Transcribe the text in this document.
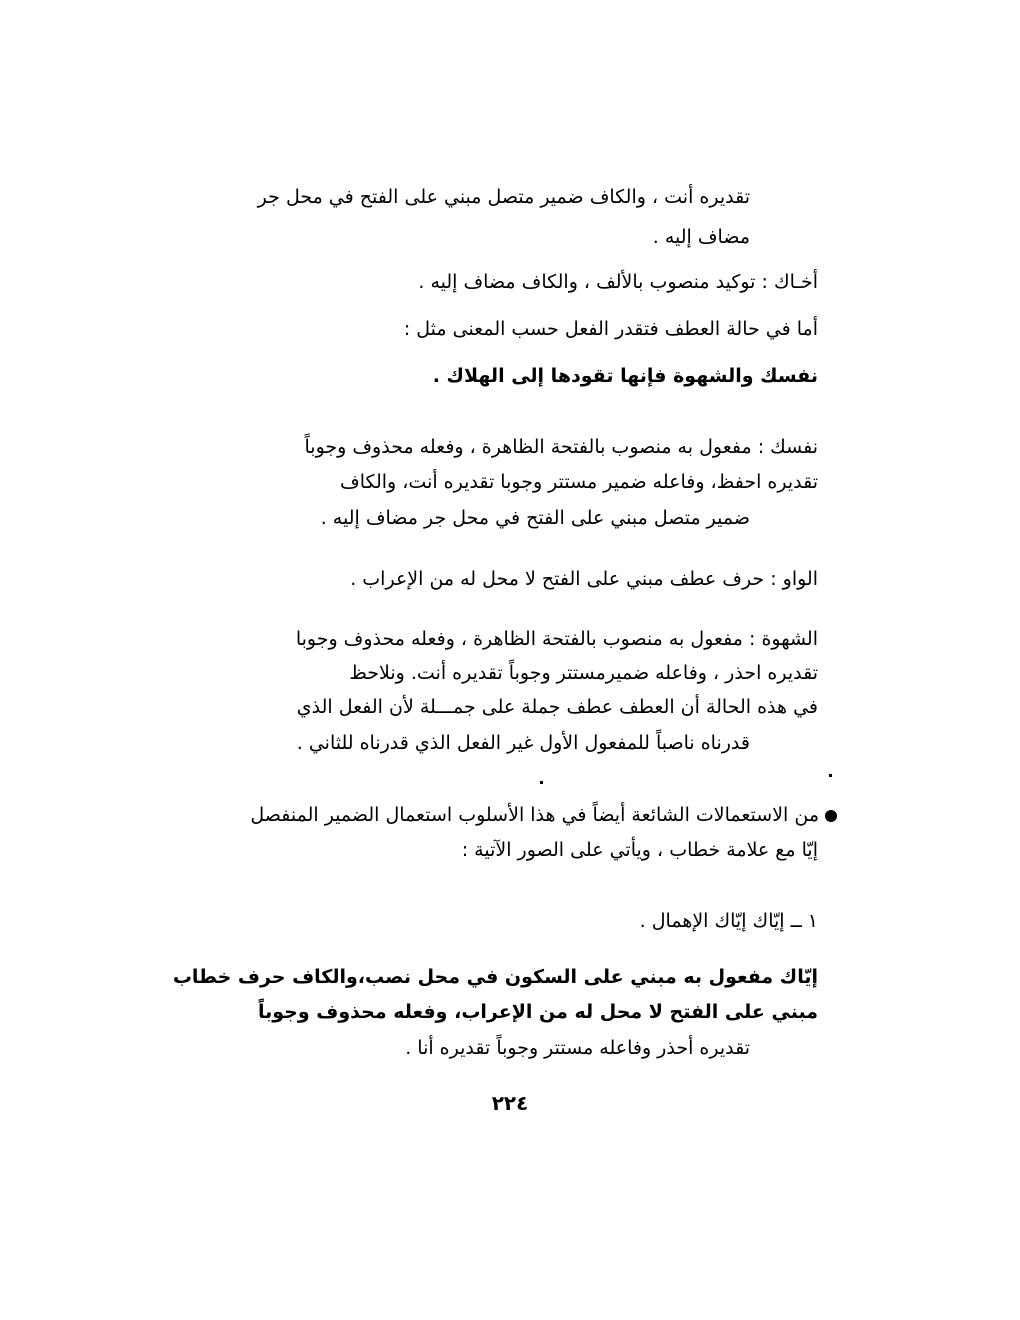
تقديره أنت ، والكاف ضمير متصل مبني على الفتح في محل جر
مضاف إليه .
أخـاك : توكيد منصوب بالألف ، والكاف مضاف إليه .
أما في حالة العطف فتقدر الفعل حسب المعنى مثل :
نفسك والشهوة فإنها تقودها إلى الهلاك .
نفسك : مفعول به منصوب بالفتحة الظاهرة ، وفعله محذوف وجوباً
تقديره احفظ، وفاعله ضمير مستتر وجوبا تقديره أنت، والكاف
ضمير متصل مبني على الفتح في محل جر مضاف إليه .
الواو : حرف عطف مبني على الفتح لا محل له من الإعراب .
الشهوة : مفعول به منصوب بالفتحة الظاهرة ، وفعله محذوف وجوبا
تقديره احذر ، وفاعله ضميرمستتر وجوباً تقديره أنت. ونلاحظ
في هذه الحالة أن العطف عطف جملة على جمـــلة لأن الفعل الذي
قدرناه ناصباً للمفعول الأول غير الفعل الذي قدرناه للثاني .
من الاستعمالات الشائعة أيضاً في هذا الأسلوب استعمال الضمير المنفصل
إيّا مع علامة خطاب ، ويأتي على الصور الآتية :
١ ــ إيّاك إيّاك الإهمال .
إيّاك مفعول به مبني على السكون في محل نصب،والكاف حرف خطاب
مبني على الفتح لا محل له من الإعراب، وفعله محذوف وجوباً
تقديره أحذر وفاعله مستتر وجوباً تقديره أنا .
٢٢٤
